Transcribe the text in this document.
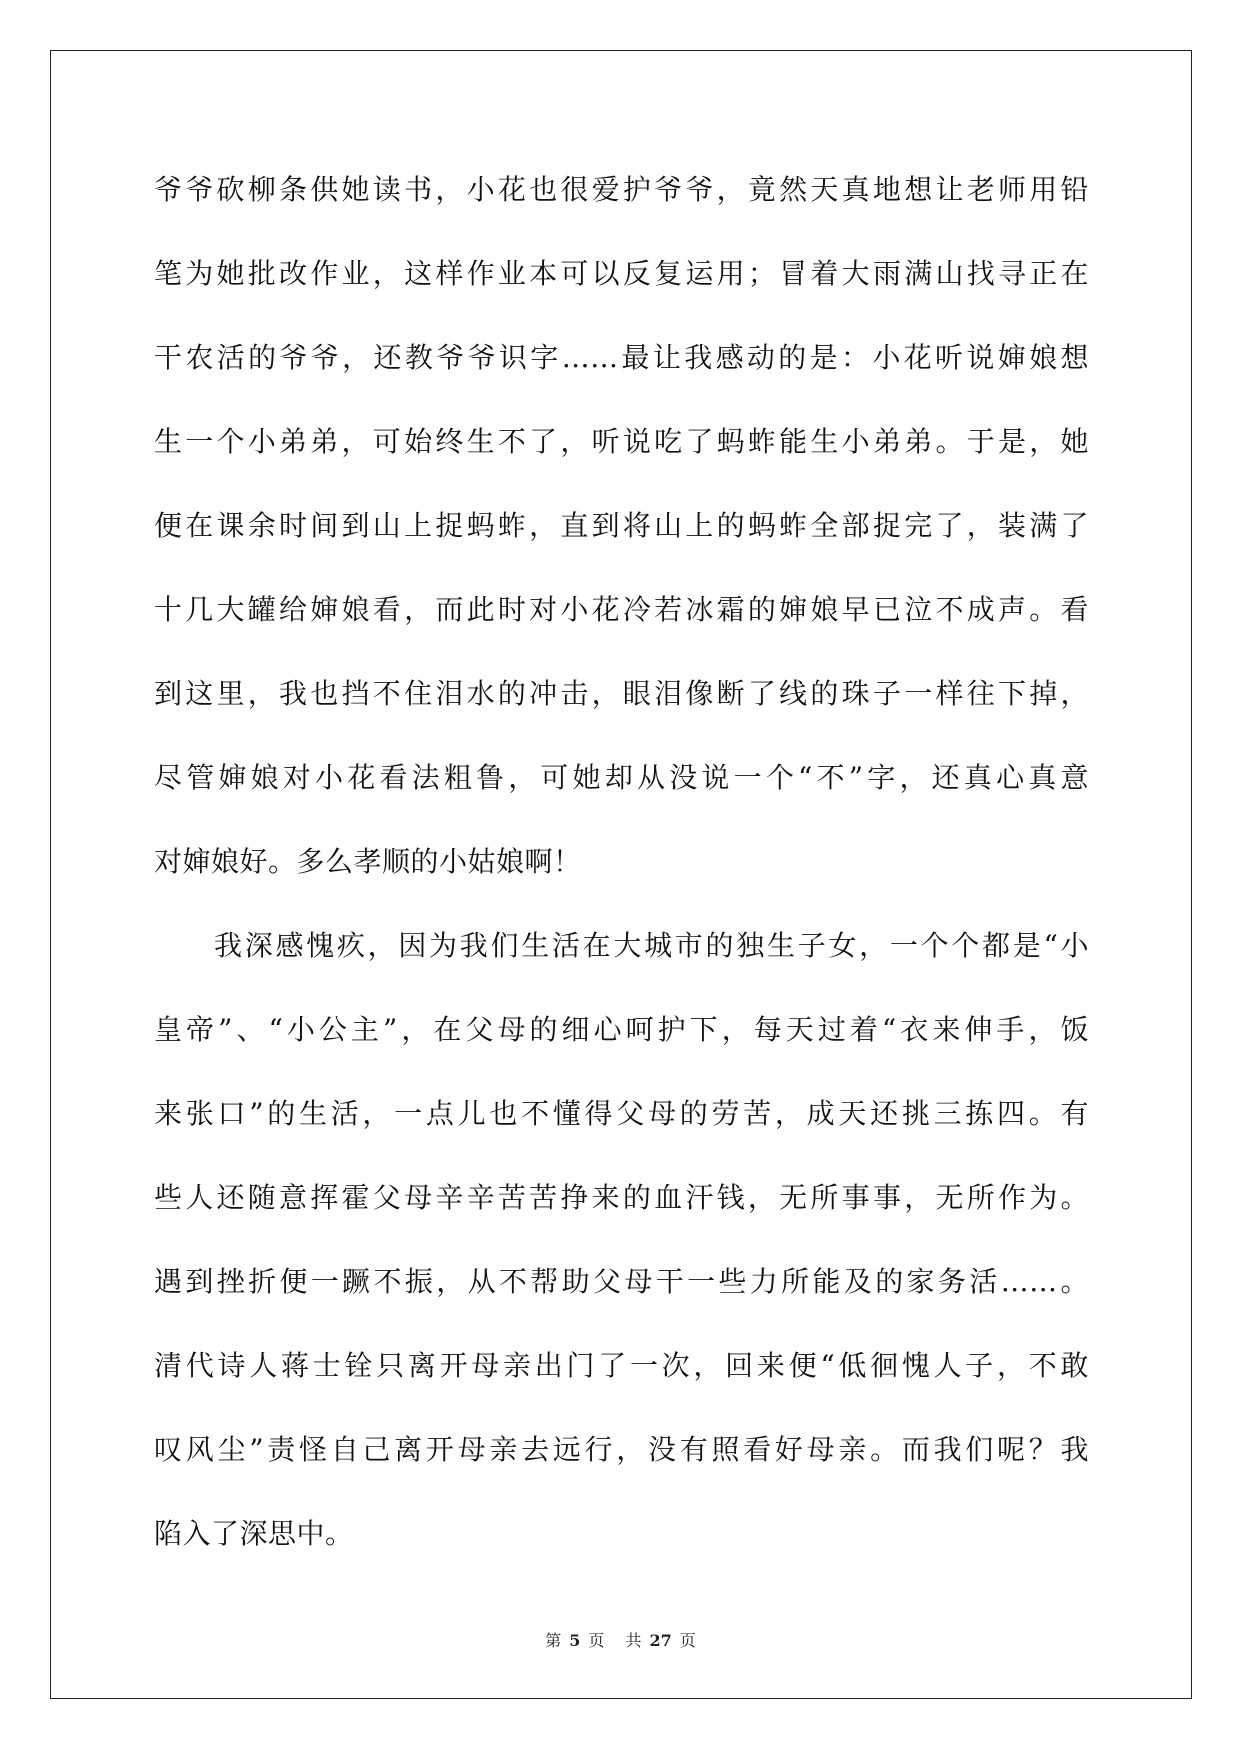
爷爷砍柳条供她读书，小花也很爱护爷爷，竟然天真地想让老师用铅
笔为她批改作业，这样作业本可以反复运用；冒着大雨满山找寻正在
干农活的爷爷，还教爷爷识字……最让我感动的是：小花听说婶娘想
生一个小弟弟，可始终生不了，听说吃了蚂蚱能生小弟弟。于是，她
便在课余时间到山上捉蚂蚱，直到将山上的蚂蚱全部捉完了，装满了
十几大罐给婶娘看，而此时对小花冷若冰霜的婶娘早已泣不成声。看
到这里，我也挡不住泪水的冲击，眼泪像断了线的珠子一样往下掉，
尽管婶娘对小花看法粗鲁，可她却从没说一个“不”字，还真心真意
对婶娘好。多么孝顺的小姑娘啊！
我深感愧疚，因为我们生活在大城市的独生子女，一个个都是“小
皇帝”、“小公主”，在父母的细心呵护下，每天过着“衣来伸手，饭
来张口”的生活，一点儿也不懂得父母的劳苦，成天还挑三拣四。有
些人还随意挥霍父母辛辛苦苦挣来的血汗钱，无所事事，无所作为。
遇到挫折便一蹶不振，从不帮助父母干一些力所能及的家务活……。
清代诗人蒋士铨只离开母亲出门了一次，回来便“低徊愧人子，不敢
叹风尘”责怪自己离开母亲去远行，没有照看好母亲。而我们呢？我
陷入了深思中。
第 5 页 共 27 页
